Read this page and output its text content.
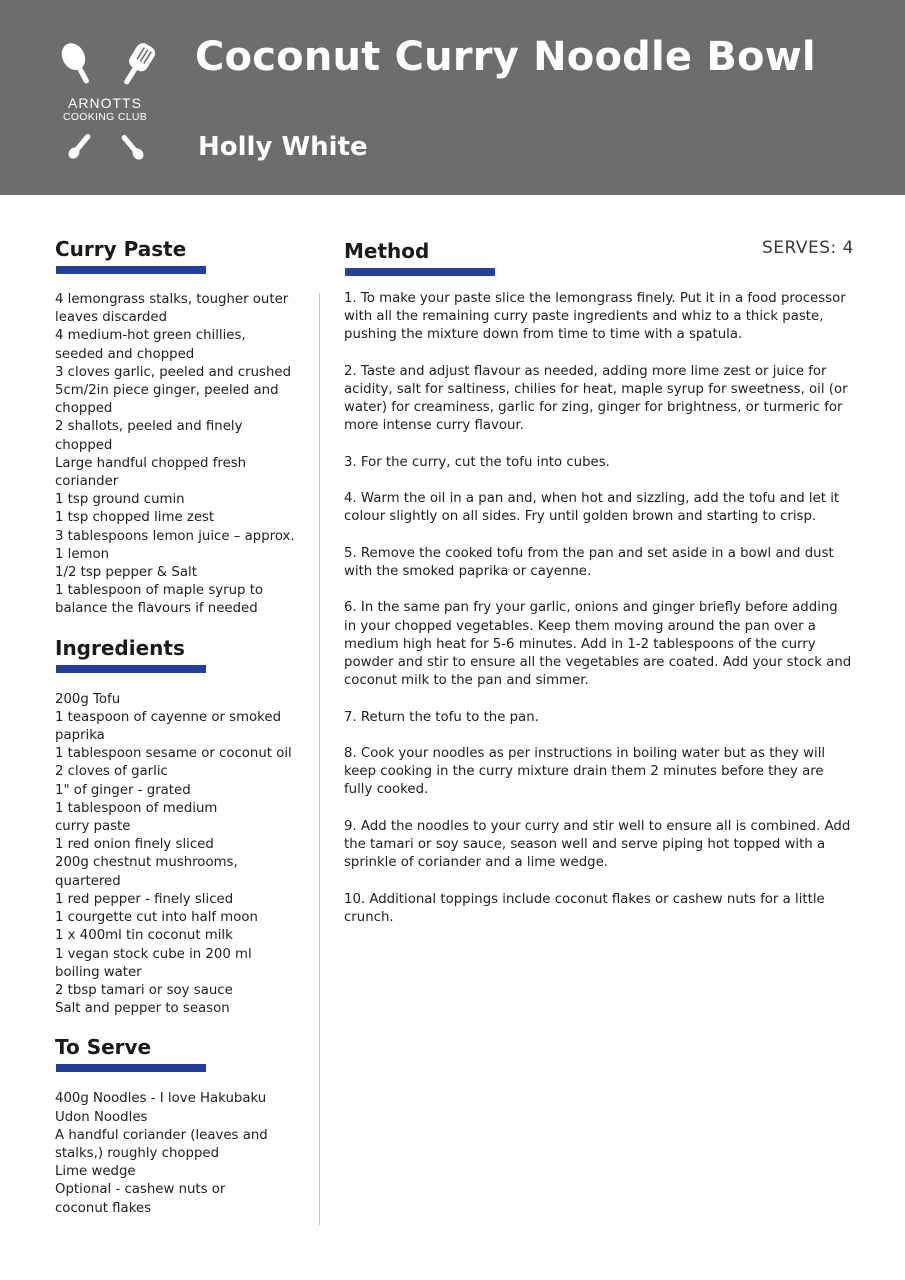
ARNOTTS
COOKING CLUB
Coconut Curry Noodle Bowl
Holly White
Curry Paste
4 lemongrass stalks, tougher outer
leaves discarded
4 medium-hot green chillies,
seeded and chopped
3 cloves garlic, peeled and crushed
5cm/2in piece ginger, peeled and
chopped
2 shallots, peeled and finely
chopped
Large handful chopped fresh
coriander
1 tsp ground cumin
1 tsp chopped lime zest
3 tablespoons lemon juice – approx.
1 lemon
1/2 tsp pepper & Salt
1 tablespoon of maple syrup to
balance the flavours if needed
Ingredients
200g Tofu
1 teaspoon of cayenne or smoked
paprika
1 tablespoon sesame or coconut oil
2 cloves of garlic
1" of ginger - grated
1 tablespoon of medium
curry paste
1 red onion finely sliced
200g chestnut mushrooms,
quartered
1 red pepper - finely sliced
1 courgette cut into half moon
1 x 400ml tin coconut milk
1 vegan stock cube in 200 ml
boiling water
2 tbsp tamari or soy sauce
Salt and pepper to season
To Serve
400g Noodles - I love Hakubaku
Udon Noodles
A handful coriander (leaves and
stalks,) roughly chopped
Lime wedge
Optional - cashew nuts or
coconut flakes
Method	SERVES: 4

1. To make your paste slice the lemongrass finely. Put it in a food processor with all the remaining curry paste ingredients and whiz to a thick paste, pushing the mixture down from time to time with a spatula.

2. Taste and adjust flavour as needed, adding more lime zest or juice for acidity, salt for saltiness, chilies for heat, maple syrup for sweetness, oil (or water) for creaminess, garlic for zing, ginger for brightness, or turmeric for more intense curry flavour.

3. For the curry, cut the tofu into cubes.

4. Warm the oil in a pan and, when hot and sizzling, add the tofu and let it colour slightly on all sides. Fry until golden brown and starting to crisp.

5. Remove the cooked tofu from the pan and set aside in a bowl and dust with the smoked paprika or cayenne.

6. In the same pan fry your garlic, onions and ginger briefly before adding in your chopped vegetables. Keep them moving around the pan over a medium high heat for 5-6 minutes. Add in 1-2 tablespoons of the curry powder and stir to ensure all the vegetables are coated. Add your stock and coconut milk to the pan and simmer.

7. Return the tofu to the pan.

8. Cook your noodles as per instructions in boiling water but as they will keep cooking in the curry mixture drain them 2 minutes before they are fully cooked.

9. Add the noodles to your curry and stir well to ensure all is combined. Add the tamari or soy sauce, season well and serve piping hot topped with a sprinkle of coriander and a lime wedge.

10. Additional toppings include coconut flakes or cashew nuts for a little crunch.
